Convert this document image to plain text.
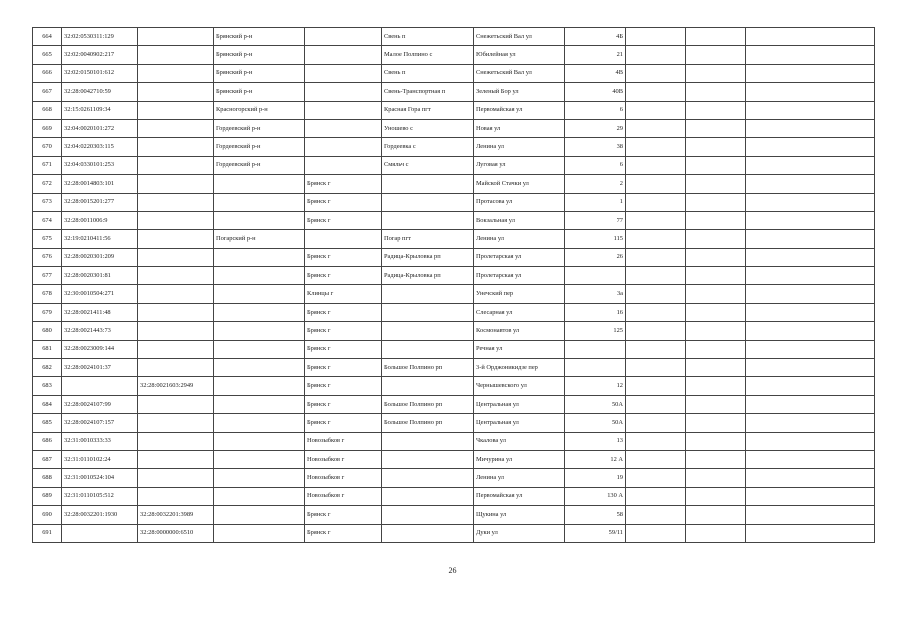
664	32:02:0530311:129		Брянский р-н		Свень п	Снежетьский Вал ул	4Б			
665	32:02:0040902:217		Брянский р-н		Малое Полпино с	Юбилейная ул	21			
666	32:02:0150101:612		Брянский р-н		Свень п	Снежетьский Вал ул	4В			
667	32:28:0042710:59		Брянский р-н		Свень-Транспортная п	Зеленый Бор ул	40В			
668	32:15:0261109:34		Красногорский р-н		Красная Гора пгт	Первомайская ул	6			
669	32:04:0020101:272		Гордеевский р-н		Уношево с	Новая ул	29			
670	32:04:0220303:115		Гордеевский р-н		Гордеевка с	Ленина ул	38			
671	32:04:0330101:253		Гордеевский р-н		Смяльч с	Луговая ул	6			
672	32:28:0014803:101			Брянск г		Майской Стачки ул	2			
673	32:28:0015201:277			Брянск г		Протасова ул	1			
674	32:28:0011006:9			Брянск г		Вокзальная ул	77			
675	32:19:0210411:56		Погарский р-н		Погар пгт	Ленина ул	115			
676	32:28:0020301:209			Брянск г	Радица-Крыловка рп	Пролетарская ул	26			
677	32:28:0020301:81			Брянск г	Радица-Крыловка рп	Пролетарская ул				
678	32:30:0010504:271			Клинцы г		Унечский пер	3а			
679	32:28:0021411:48			Брянск г		Слесарная ул	16			
680	32:28:0021443:73			Брянск г		Космонавтов ул	125			
681	32:28:0023009:144			Брянск г		Речная ул				
682	32:28:0024101:37			Брянск г	Большое Полпино рп	3-й Орджоникидзе пер				
683		32:28:0021603:2949		Брянск г		Чернышевского ул	12			
684	32:28:0024107:99			Брянск г	Большое Полпино рп	Центральная ул	50А			
685	32:28:0024107:157			Брянск г	Большое Полпино рп	Центральная ул	50А			
686	32:31:0010333:33			Новозыбков г		Чкалова ул	13			
687	32:31:0110102:24			Новозыбков г		Мичурина ул	12 А			
688	32:31:0010524:104			Новозыбков г		Ленина ул	19			
689	32:31:0110105:512			Новозыбков г		Первомайская ул	130 А			
690	32:28:0032201:1930	32:28:0032201:3989		Брянск г		Щукина ул	58			
691		32:28:0000000:6510		Брянск г		Дуки ул	59/11			
26
